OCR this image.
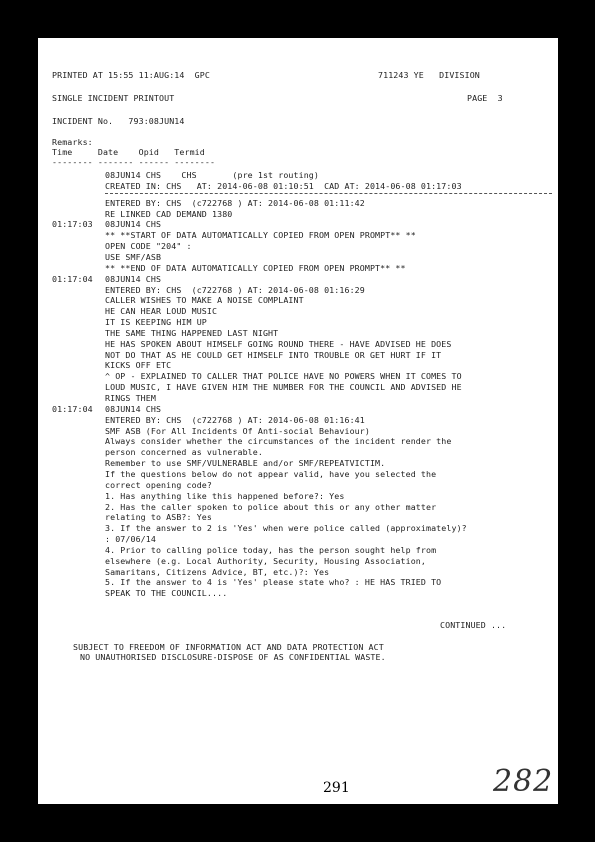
PRINTED AT 15:55 11:AUG:14  GPC	711243 YE   DIVISION
SINGLE INCIDENT PRINTOUT	PAGE  3
INCIDENT No.   793:08JUN14
Remarks:
Time     Date    Opid   Termid
-------- ------- ------ --------
08JUN14 CHS    CHS       (pre 1st routing)
CREATED IN: CHS   AT: 2014-06-08 01:10:51  CAD AT: 2014-06-08 01:17:03
ENTERED BY: CHS  (c722768 ) AT: 2014-06-08 01:11:42
RE LINKED CAD DEMAND 1380
01:17:03 08JUN14 CHS
** **START OF DATA AUTOMATICALLY COPIED FROM OPEN PROMPT** **
OPEN CODE "204" :
USE SMF/ASB
** **END OF DATA AUTOMATICALLY COPIED FROM OPEN PROMPT** **
01:17:04 08JUN14 CHS
ENTERED BY: CHS  (c722768 ) AT: 2014-06-08 01:16:29
CALLER WISHES TO MAKE A NOISE COMPLAINT
HE CAN HEAR LOUD MUSIC
IT IS KEEPING HIM UP
THE SAME THING HAPPENED LAST NIGHT
HE HAS SPOKEN ABOUT HIMSELF GOING ROUND THERE - HAVE ADVISED HE DOES
NOT DO THAT AS HE COULD GET HIMSELF INTO TROUBLE OR GET HURT IF IT
KICKS OFF ETC
^ OP - EXPLAINED TO CALLER THAT POLICE HAVE NO POWERS WHEN IT COMES TO
LOUD MUSIC, I HAVE GIVEN HIM THE NUMBER FOR THE COUNCIL AND ADVISED HE
RINGS THEM
01:17:04 08JUN14 CHS
ENTERED BY: CHS  (c722768 ) AT: 2014-06-08 01:16:41
SMF ASB (For All Incidents Of Anti-social Behaviour)
Always consider whether the circumstances of the incident render the
person concerned as vulnerable.
Remember to use SMF/VULNERABLE and/or SMF/REPEATVICTIM.
If the questions below do not appear valid, have you selected the
correct opening code?
1. Has anything like this happened before?: Yes
2. Has the caller spoken to police about this or any other matter
relating to ASB?: Yes
3. If the answer to 2 is 'Yes' when were police called (approximately)?
: 07/06/14
4. Prior to calling police today, has the person sought help from
elsewhere (e.g. Local Authority, Security, Housing Association,
Samaritans, Citizens Advice, BT, etc.)?: Yes
5. If the answer to 4 is 'Yes' please state who? : HE HAS TRIED TO
SPEAK TO THE COUNCIL....
CONTINUED ...
SUBJECT TO FREEDOM OF INFORMATION ACT AND DATA PROTECTION ACT
NO UNAUTHORISED DISCLOSURE-DISPOSE OF AS CONFIDENTIAL WASTE.
291	282
